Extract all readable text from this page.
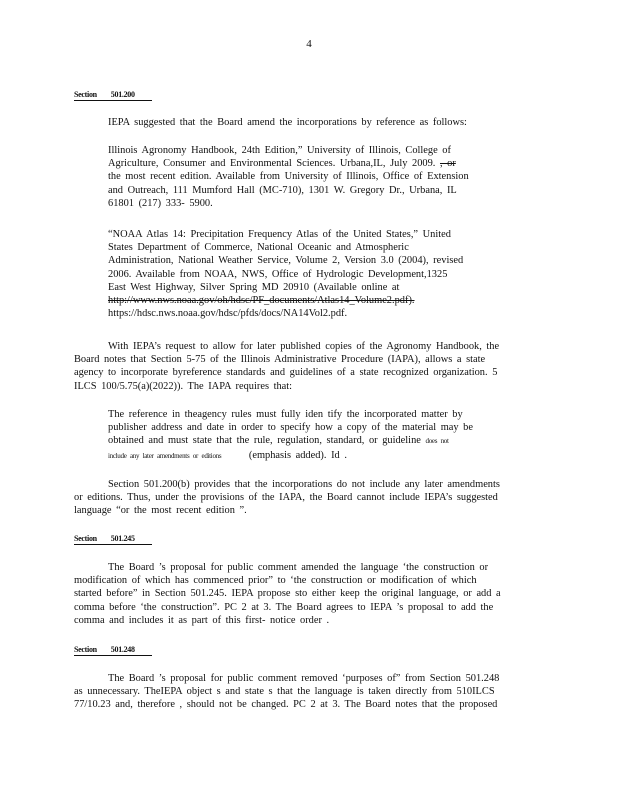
4
Section 501.200
IEPA suggested that the Board amend the incorporations by reference as follows:
Illinois Agronomy Handbook, 24th Edition,” University of Illinois, College of
Agriculture, Consumer and Environmental Sciences. Urbana,IL, July 2009. , or
the most recent edition. Available from University of Illinois, Office of Extension
and Outreach, 111 Mumford Hall (MC-710), 1301 W. Gregory Dr., Urbana, IL
61801 (217) 333- 5900.
“NOAA Atlas 14: Precipitation Frequency Atlas of the United States,” United
States Department of Commerce, National Oceanic and Atmospheric
Administration, National Weather Service, Volume 2, Version 3.0 (2004), revised
2006. Available from NOAA, NWS, Office of Hydrologic Development,1325
East West Highway, Silver Spring MD 20910 (Available online at
http://www.nws.noaa.gov/oh/hdsc/PF_documents/Atlas14_Volume2.pdf).
https://hdsc.nws.noaa.gov/hdsc/pfds/docs/NA14Vol2.pdf.
With IEPA’s request to allow for later published copies of the Agronomy Handbook, the
Board notes that Section 5-75 of the Illinois Administrative Procedure (IAPA), allows a state
agency to incorporate byreference standards and guidelines of a state recognized organization. 5
ILCS 100/5.75(a)(2022)). The IAPA requires that:
The reference in theagency rules must fully iden tify the incorporated matter by
publisher address and date in order to specify how a copy of the material may be
obtained and must state that the rule, regulation, standard, or guideline does not
include any later amendments or editions	(emphasis added). Id .
Section 501.200(b) provides that the incorporations do not include any later amendments
or editions. Thus, under the provisions of the IAPA, the Board cannot include IEPA’s suggested
language “or the most recent edition ”.
Section 501.245
The Board ’s proposal for public comment amended the language ‘the construction or
modification of which has commenced prior” to ‘the construction or modification of which
started before” in Section 501.245. IEPA propose sto either keep the original language, or add a
comma before ‘the construction”. PC 2 at 3. The Board agrees to IEPA ’s proposal to add the
comma and includes it as part of this first- notice order .
Section 501.248
The Board ’s proposal for public comment removed ‘purposes of” from Section 501.248
as unnecessary. TheIEPA object s and state s that the language is taken directly from 510ILCS
77/10.23 and, therefore , should not be changed. PC 2 at 3. The Board notes that the proposed
